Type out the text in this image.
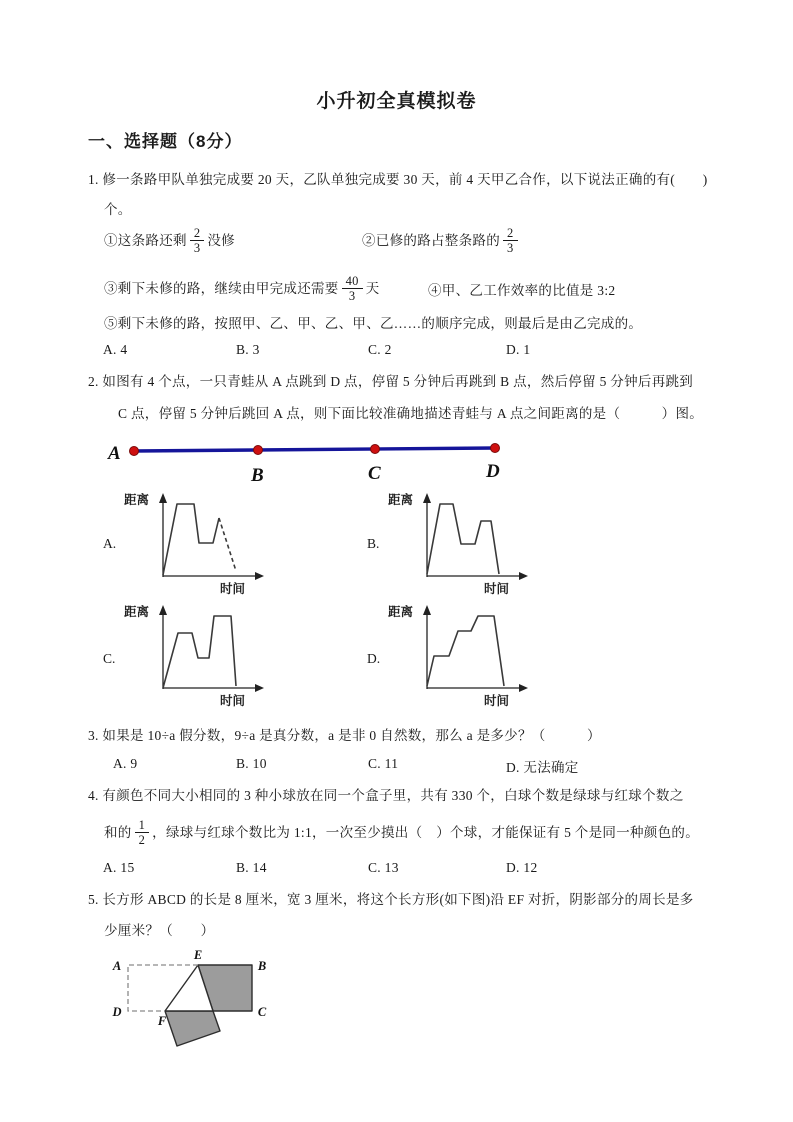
小升初全真模拟卷
一、选择题（8分）
1. 修一条路甲队单独完成要 20 天，乙队单独完成要 30 天，前 4 天甲乙合作，以下说法正确的有(　　)
个。
①这条路还剩 $\frac{2}{3}$ 没修	②已修的路占整条路的 $\frac{2}{3}$
③剩下未修的路，继续由甲完成还需要 $\frac{40}{3}$ 天	④甲、乙工作效率的比值是 3:2
⑤剩下未修的路，按照甲、乙、甲、乙、甲、乙……的顺序完成，则最后是由乙完成的。
A. 4	B. 3	C. 2	D. 1
2. 如图有 4 个点，一只青蛙从 A 点跳到 D 点，停留 5 分钟后再跳到 B 点，然后停留 5 分钟后再跳到
C 点，停留 5 分钟后跳回 A 点，则下面比较准确地描述青蛙与 A 点之间距离的是（　　　）图。
A
B	C	D
A.
距离
时间
B.
距离
时间
C.
距离
时间
D.
距离
时间
3. 如果是 10÷a 假分数，9÷a 是真分数，a 是非 0 自然数，那么 a 是多少？（　　　）
A. 9	B. 10	C. 11	D. 无法确定
4. 有颜色不同大小相同的 3 种小球放在同一个盒子里，共有 330 个，白球个数是绿球与红球个数之
和的 $\frac{1}{2}$ ，绿球与红球个数比为 1:1，一次至少摸出（　）个球，才能保证有 5 个是同一种颜色的。
A. 15	B. 14	C. 13	D. 12
5. 长方形 ABCD 的长是 8 厘米，宽 3 厘米，将这个长方形(如下图)沿 EF 对折，阴影部分的周长是多
少厘米？（　　）
A
E
B
D
F
C
